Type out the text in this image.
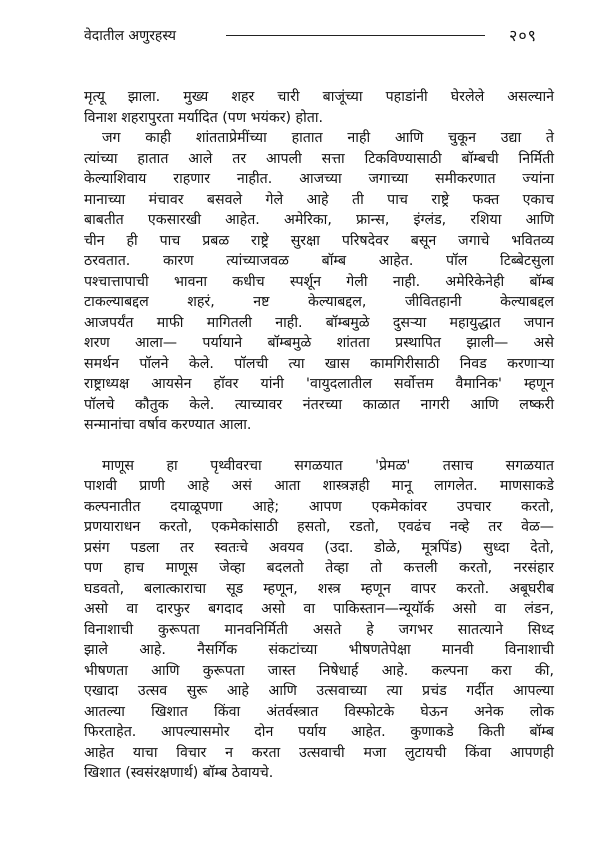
वेदातील अणुरहस्य	२०९

मृत्यू झाला. मुख्य शहर चारी बाजूंच्या पहाडांनी घेरलेले असल्याने
विनाश शहरापुरता मर्यादित (पण भयंकर) होता.

जग काही शांतताप्रेमींच्या हातात नाही आणि चुकून उद्या ते
त्यांच्या हातात आले तर आपली सत्ता टिकविण्यासाठी बॉम्बची निर्मिती
केल्याशिवाय राहणार नाहीत. आजच्या जगाच्या समीकरणात ज्यांना
मानाच्या मंचावर बसवले गेले आहे ती पाच राष्ट्रे फक्त एकाच
बाबतीत एकसारखी आहेत. अमेरिका, फ्रान्स, इंग्लंड, रशिया आणि
चीन ही पाच प्रबळ राष्ट्रे सुरक्षा परिषदेवर बसून जगाचे भवितव्य
ठरवतात. कारण त्यांच्याजवळ बॉम्ब आहेत. पॉल टिब्बेटसुला
पश्चात्तापाची भावना कधीच स्पर्शून गेली नाही. अमेरिकेनेही बॉम्ब
टाकल्याबद्दल शहरं, नष्ट केल्याबद्दल, जीवितहानी केल्याबद्दल
आजपर्यंत माफी मागितली नाही. बॉम्बमुळे दुसऱ्या महायुद्धात जपान
शरण आला— पर्यायाने बॉम्बमुळे शांतता प्रस्थापित झाली— असे
समर्थन पॉलने केले. पॉलची त्या खास कामगिरीसाठी निवड करणाऱ्या
राष्ट्राध्यक्ष आयसेन हॉवर यांनी 'वायुदलातील सर्वोत्तम वैमानिक' म्हणून
पॉलचे कौतुक केले. त्याच्यावर नंतरच्या काळात नागरी आणि लष्करी
सन्मानांचा वर्षाव करण्यात आला.

माणूस हा पृथ्वीवरचा सगळयात 'प्रेमळ' तसाच सगळयात
पाशवी प्राणी आहे असं आता शास्त्रज्ञही मानू लागलेत. माणसाकडे
कल्पनातीत दयाळूपणा आहे; आपण एकमेकांवर उपचार करतो,
प्रणयाराधन करतो, एकमेकांसाठी हसतो, रडतो, एवढंच नव्हे तर वेळ—
प्रसंग पडला तर स्वतःचे अवयव (उदा. डोळे, मूत्रपिंड) सुध्दा देतो,
पण हाच माणूस जेव्हा बदलतो तेव्हा तो कत्तली करतो, नरसंहार
घडवतो, बलात्काराचा सूड म्हणून, शस्त्र म्हणून वापर करतो. अबूघरीब
असो वा दारफुर बगदाद असो वा पाकिस्तान—न्यूयॉर्क असो वा लंडन,
विनाशाची कुरूपता मानवनिर्मिती असते हे जगभर सातत्याने सिध्द
झाले आहे. नैसर्गिक संकटांच्या भीषणतेपेक्षा मानवी विनाशाची
भीषणता आणि कुरूपता जास्त निषेधार्ह आहे. कल्पना करा की,
एखादा उत्सव सुरू आहे आणि उत्सवाच्या त्या प्रचंड गर्दीत आपल्या
आतल्या खिशात किंवा अंतर्वस्त्रात विस्फोटके घेऊन अनेक लोक
फिरताहेत. आपल्यासमोर दोन पर्याय आहेत. कुणाकडे किती बॉम्ब
आहेत याचा विचार न करता उत्सवाची मजा लुटायची किंवा आपणही
खिशात (स्वसंरक्षणार्थ) बॉम्ब ठेवायचे.
